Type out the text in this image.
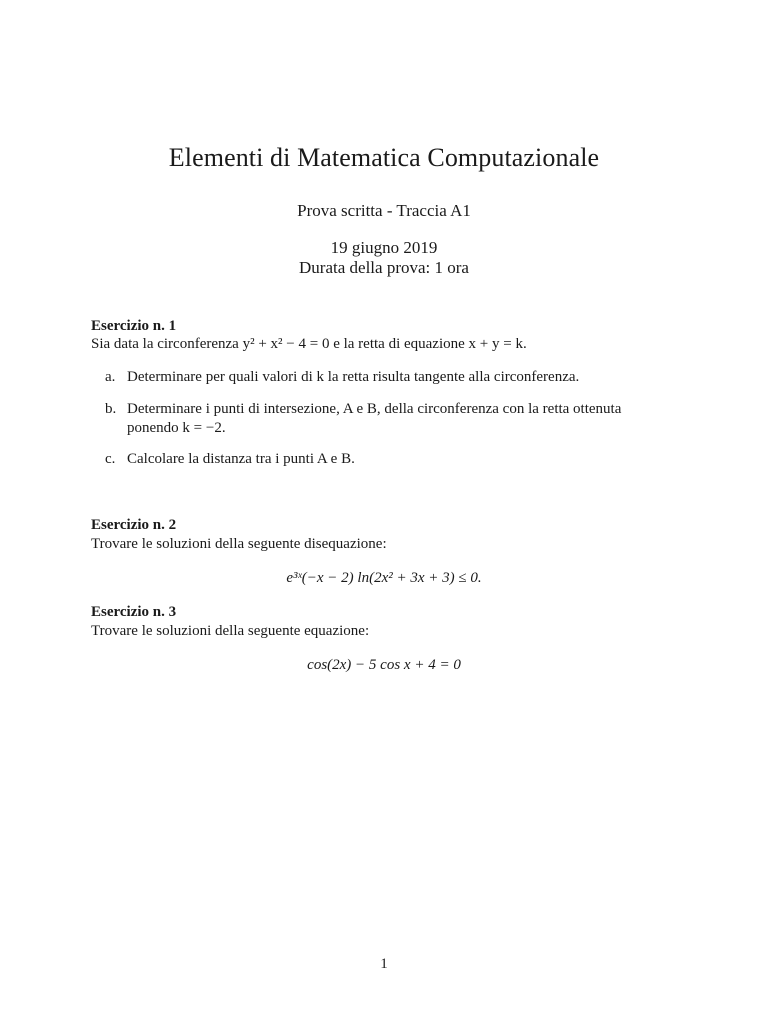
Elementi di Matematica Computazionale
Prova scritta - Traccia A1
19 giugno 2019
Durata della prova: 1 ora
Esercizio n. 1
Sia data la circonferenza y² + x² − 4 = 0 e la retta di equazione x + y = k.
a. Determinare per quali valori di k la retta risulta tangente alla circonferenza.
b. Determinare i punti di intersezione, A e B, della circonferenza con la retta ottenuta
ponendo k = −2.
c. Calcolare la distanza tra i punti A e B.
Esercizio n. 2
Trovare le soluzioni della seguente disequazione:
e³ˣ(−x − 2) ln(2x² + 3x + 3) ≤ 0.
Esercizio n. 3
Trovare le soluzioni della seguente equazione:
cos(2x) − 5 cos x + 4 = 0
1
